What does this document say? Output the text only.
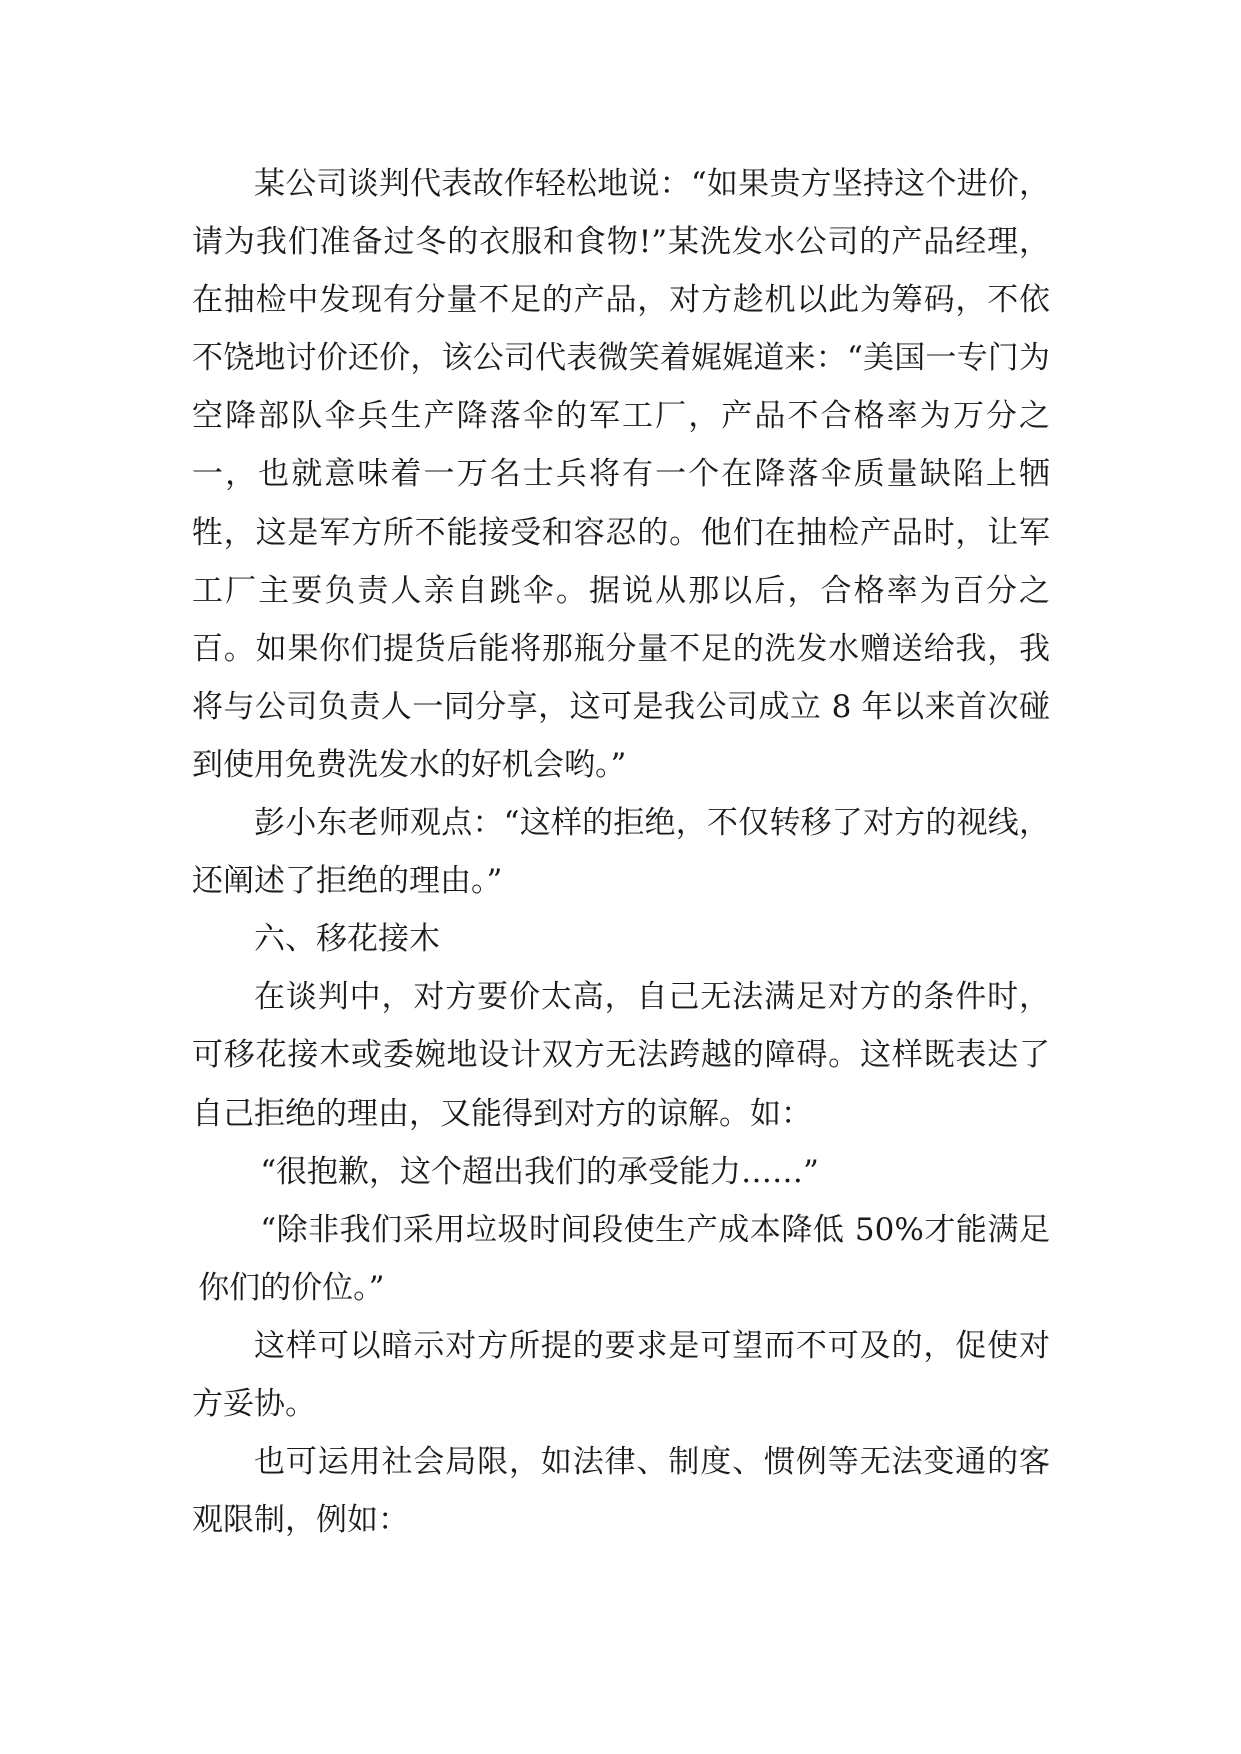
某公司谈判代表故作轻松地说：“如果贵方坚持这个进价，请为我们准备过冬的衣服和食物!”某洗发水公司的产品经理，在抽检中发现有分量不足的产品，对方趁机以此为筹码，不依不饶地讨价还价，该公司代表微笑着娓娓道来：“美国一专门为空降部队伞兵生产降落伞的军工厂，产品不合格率为万分之一，也就意味着一万名士兵将有一个在降落伞质量缺陷上牺牲，这是军方所不能接受和容忍的。他们在抽检产品时，让军工厂主要负责人亲自跳伞。据说从那以后，合格率为百分之百。如果你们提货后能将那瓶分量不足的洗发水赠送给我，我将与公司负责人一同分享，这可是我公司成立 8 年以来首次碰到使用免费洗发水的好机会哟。”

彭小东老师观点：“这样的拒绝，不仅转移了对方的视线，还阐述了拒绝的理由。”

六、移花接木

在谈判中，对方要价太高，自己无法满足对方的条件时，可移花接木或委婉地设计双方无法跨越的障碍。这样既表达了自己拒绝的理由，又能得到对方的谅解。如：

“很抱歉，这个超出我们的承受能力……”

“除非我们采用垃圾时间段使生产成本降低 50%才能满足你们的价位。”

这样可以暗示对方所提的要求是可望而不可及的，促使对方妥协。

也可运用社会局限，如法律、制度、惯例等无法变通的客观限制，例如：
